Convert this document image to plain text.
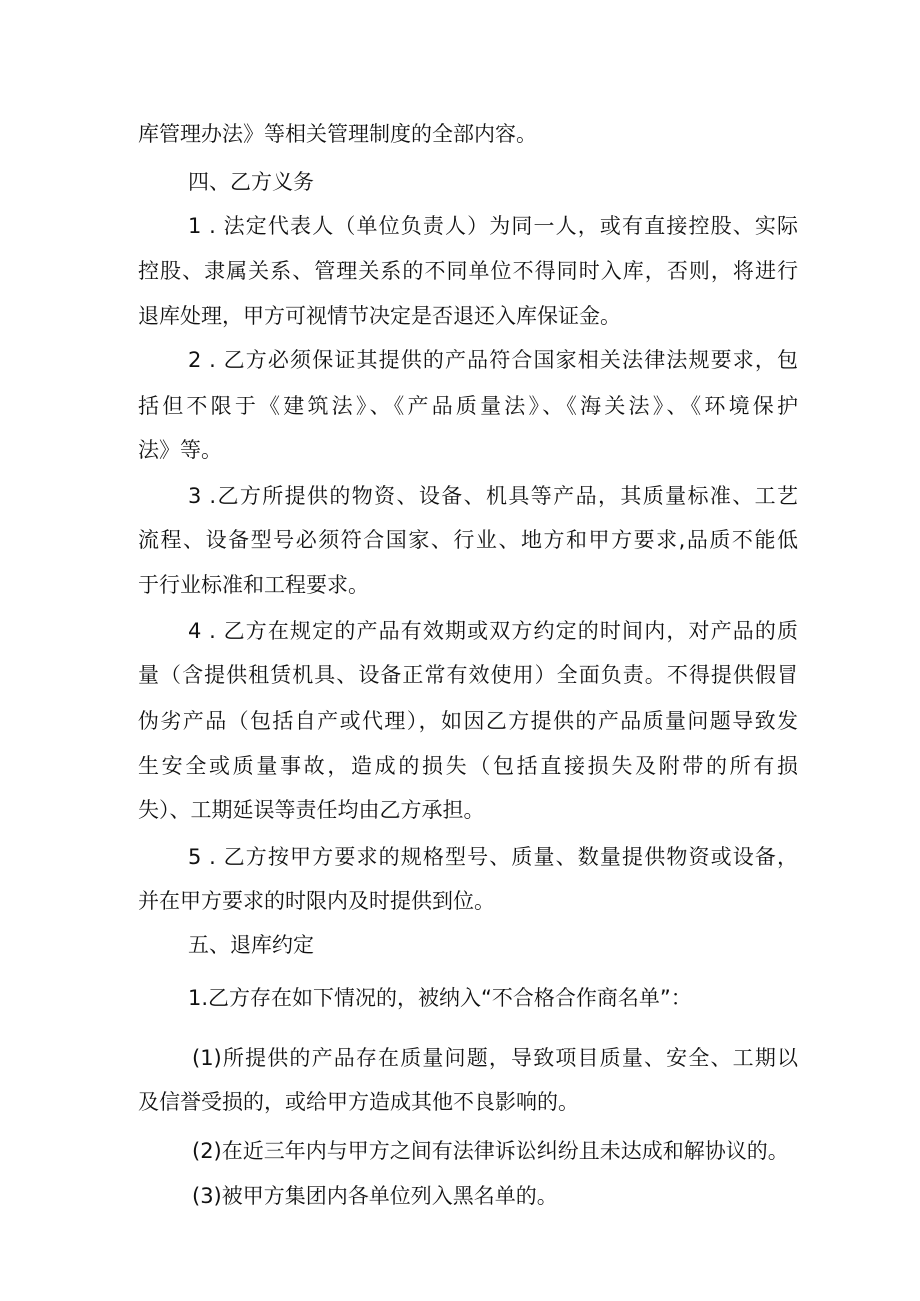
库管理办法》等相关管理制度的全部内容。
四、乙方义务
1 . 法定代表人（单位负责人）为同一人，或有直接控股、实际
控股、隶属关系、管理关系的不同单位不得同时入库，否则，将进行
退库处理，甲方可视情节决定是否退还入库保证金。
2 . 乙方必须保证其提供的产品符合国家相关法律法规要求，包
括但不限于《建筑法》、《产品质量法》、《海关法》、《环境保护
法》等。
3 .乙方所提供的物资、设备、机具等产品，其质量标准、工艺
流程、设备型号必须符合国家、行业、地方和甲方要求,品质不能低
于行业标准和工程要求。
4 . 乙方在规定的产品有效期或双方约定的时间内，对产品的质
量（含提供租赁机具、设备正常有效使用）全面负责。不得提供假冒
伪劣产品（包括自产或代理），如因乙方提供的产品质量问题导致发
生安全或质量事故，造成的损失（包括直接损失及附带的所有损
失）、工期延误等责任均由乙方承担。
5 . 乙方按甲方要求的规格型号、质量、数量提供物资或设备，
并在甲方要求的时限内及时提供到位。
五、退库约定
1.乙方存在如下情况的，被纳入“不合格合作商名单”：
(1)所提供的产品存在质量问题，导致项目质量、安全、工期以
及信誉受损的，或给甲方造成其他不良影响的。
(2)在近三年内与甲方之间有法律诉讼纠纷且未达成和解协议的。
(3)被甲方集团内各单位列入黑名单的。
